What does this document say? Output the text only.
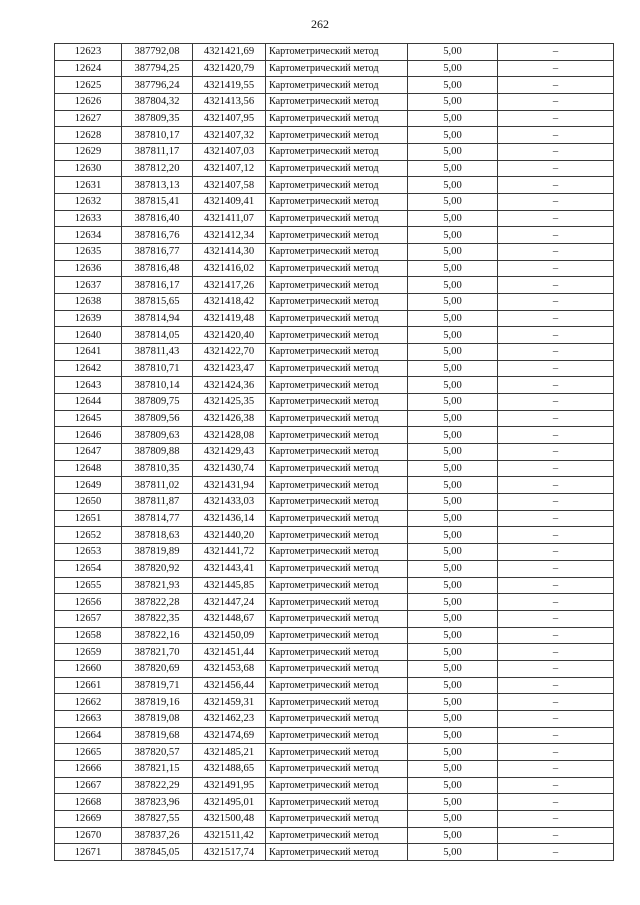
262
12623	387792,08	4321421,69	Картометрический метод	5,00	–
12624	387794,25	4321420,79	Картометрический метод	5,00	–
12625	387796,24	4321419,55	Картометрический метод	5,00	–
12626	387804,32	4321413,56	Картометрический метод	5,00	–
12627	387809,35	4321407,95	Картометрический метод	5,00	–
12628	387810,17	4321407,32	Картометрический метод	5,00	–
12629	387811,17	4321407,03	Картометрический метод	5,00	–
12630	387812,20	4321407,12	Картометрический метод	5,00	–
12631	387813,13	4321407,58	Картометрический метод	5,00	–
12632	387815,41	4321409,41	Картометрический метод	5,00	–
12633	387816,40	4321411,07	Картометрический метод	5,00	–
12634	387816,76	4321412,34	Картометрический метод	5,00	–
12635	387816,77	4321414,30	Картометрический метод	5,00	–
12636	387816,48	4321416,02	Картометрический метод	5,00	–
12637	387816,17	4321417,26	Картометрический метод	5,00	–
12638	387815,65	4321418,42	Картометрический метод	5,00	–
12639	387814,94	4321419,48	Картометрический метод	5,00	–
12640	387814,05	4321420,40	Картометрический метод	5,00	–
12641	387811,43	4321422,70	Картометрический метод	5,00	–
12642	387810,71	4321423,47	Картометрический метод	5,00	–
12643	387810,14	4321424,36	Картометрический метод	5,00	–
12644	387809,75	4321425,35	Картометрический метод	5,00	–
12645	387809,56	4321426,38	Картометрический метод	5,00	–
12646	387809,63	4321428,08	Картометрический метод	5,00	–
12647	387809,88	4321429,43	Картометрический метод	5,00	–
12648	387810,35	4321430,74	Картометрический метод	5,00	–
12649	387811,02	4321431,94	Картометрический метод	5,00	–
12650	387811,87	4321433,03	Картометрический метод	5,00	–
12651	387814,77	4321436,14	Картометрический метод	5,00	–
12652	387818,63	4321440,20	Картометрический метод	5,00	–
12653	387819,89	4321441,72	Картометрический метод	5,00	–
12654	387820,92	4321443,41	Картометрический метод	5,00	–
12655	387821,93	4321445,85	Картометрический метод	5,00	–
12656	387822,28	4321447,24	Картометрический метод	5,00	–
12657	387822,35	4321448,67	Картометрический метод	5,00	–
12658	387822,16	4321450,09	Картометрический метод	5,00	–
12659	387821,70	4321451,44	Картометрический метод	5,00	–
12660	387820,69	4321453,68	Картометрический метод	5,00	–
12661	387819,71	4321456,44	Картометрический метод	5,00	–
12662	387819,16	4321459,31	Картометрический метод	5,00	–
12663	387819,08	4321462,23	Картометрический метод	5,00	–
12664	387819,68	4321474,69	Картометрический метод	5,00	–
12665	387820,57	4321485,21	Картометрический метод	5,00	–
12666	387821,15	4321488,65	Картометрический метод	5,00	–
12667	387822,29	4321491,95	Картометрический метод	5,00	–
12668	387823,96	4321495,01	Картометрический метод	5,00	–
12669	387827,55	4321500,48	Картометрический метод	5,00	–
12670	387837,26	4321511,42	Картометрический метод	5,00	–
12671	387845,05	4321517,74	Картометрический метод	5,00	–
